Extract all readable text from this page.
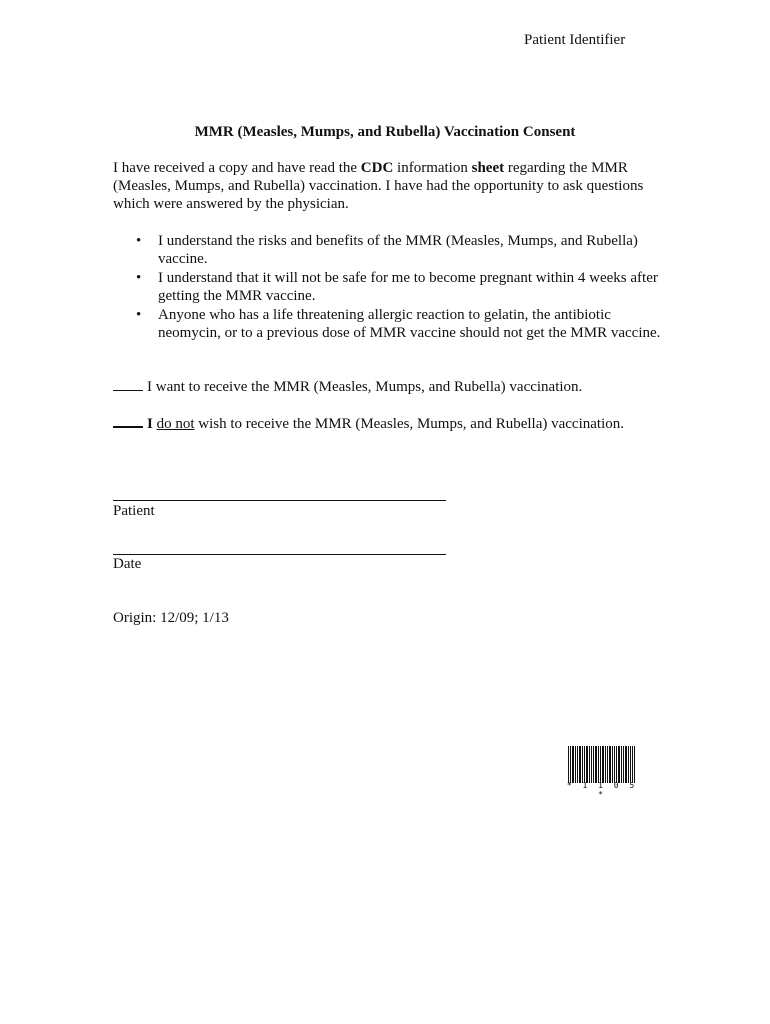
Patient Identifier
MMR (Measles, Mumps, and Rubella) Vaccination Consent
I have received a copy and have read the CDC information sheet regarding the MMR (Measles, Mumps, and Rubella) vaccination. I have had the opportunity to ask questions which were answered by the physician.
• I understand the risks and benefits of the MMR (Measles, Mumps, and Rubella) vaccine.
• I understand that it will not be safe for me to become pregnant within 4 weeks after getting the MMR vaccine.
• Anyone who has a life threatening allergic reaction to gelatin, the antibiotic neomycin, or to a previous dose of MMR vaccine should not get the MMR vaccine.
I want to receive the MMR (Measles, Mumps, and Rubella) vaccination.
I do not wish to receive the MMR (Measles, Mumps, and Rubella) vaccination.
Patient
Date
Origin: 12/09; 1/13
* 1 1 0 5 *
